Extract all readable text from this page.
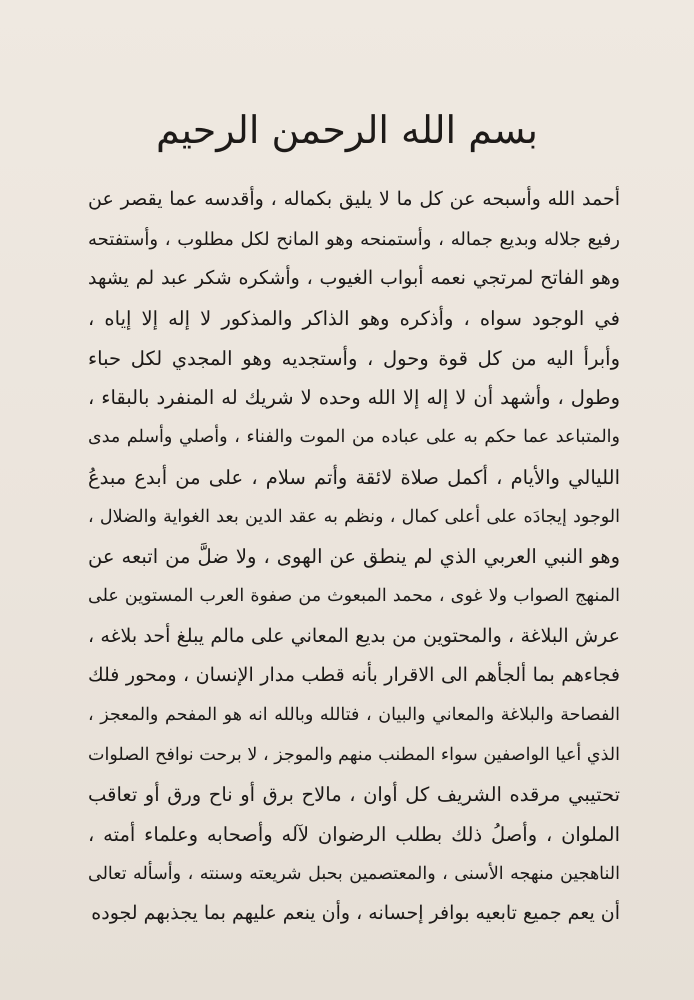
بسم الله الرحمن الرحيم
أحمد الله وأسبحه عن كل ما لا يليق بكماله ، وأقدسه عما يقصر عن
رفيع جلاله وبديع جماله ، وأستمنحه وهو المانح لكل مطلوب ، وأستفتحه
وهو الفاتح لمرتجي نعمه أبواب الغيوب ، وأشكره شكر عبد لم يشهد
في الوجود سواه ، وأذكره وهو الذاكر والمذكور لا إله إلا إياه ،
وأبرأ اليه من كل قوة وحول ، وأستجديه وهو المجدي لكل حباء
وطول ، وأشهد أن لا إله إلا الله وحده لا شريك له المنفرد بالبقاء ،
والمتباعد عما حكم به على عباده من الموت والفناء ، وأصلي وأسلم مدى
الليالي والأيام ، أكمل صلاة لائقة وأتم سلام ، على من أبدع مبدعُ
الوجود إيجادَه على أعلى كمال ، ونظم به عقد الدين بعد الغواية والضلال ،
وهو النبي العربي الذي لم ينطق عن الهوى ، ولا ضلَّ من اتبعه عن
المنهج الصواب ولا غوى ، محمد المبعوث من صفوة العرب المستوين على
عرش البلاغة ، والمحتوين من بديع المعاني على مالم يبلغ أحد بلاغه ،
فجاءهم بما ألجأهم الى الاقرار بأنه قطب مدار الإنسان ، ومحور فلك
الفصاحة والبلاغة والمعاني والبيان ، فتالله وبالله انه هو المفحم والمعجز ،
الذي أعيا الواصفين سواء المطنب منهم والموجز ، لا برحت نوافح الصلوات
تحتيبي مرقده الشريف كل أوان ، مالاح برق أو ناح ورق أو تعاقب
الملوان ، وأصلُ ذلك بطلب الرضوان لآله وأصحابه وعلماء أمته ،
الناهجين منهجه الأسنى ، والمعتصمين بحبل شريعته وسنته ، وأسأله تعالى
أن يعم جميع تابعيه بوافر إحسانه ، وأن ينعم عليهم بما يجذبهم لجوده
